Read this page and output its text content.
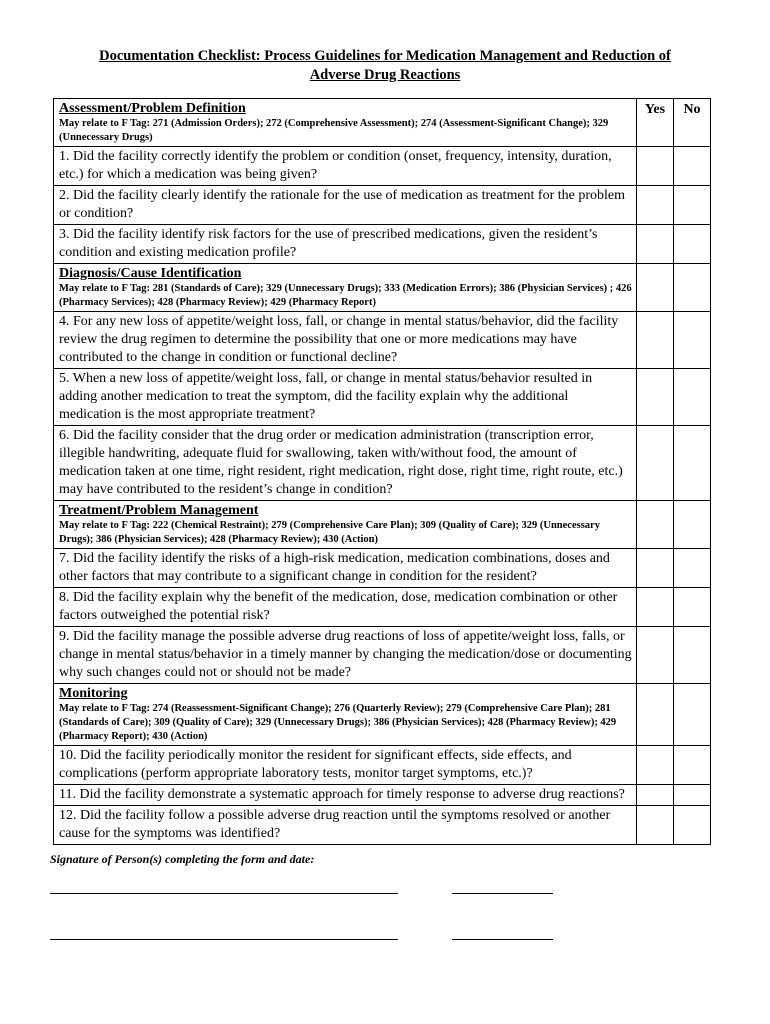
Documentation Checklist: Process Guidelines for Medication Management and Reduction of
Adverse Drug Reactions
Assessment/Problem Definition
May relate to F Tag: 271 (Admission Orders); 272 (Comprehensive Assessment); 274 (Assessment-Significant Change); 329 (Unnecessary Drugs)	Yes	No
1. Did the facility correctly identify the problem or condition (onset, frequency, intensity, duration, etc.) for which a medication was being given?		
2. Did the facility clearly identify the rationale for the use of medication as treatment for the problem or condition?		
3. Did the facility identify risk factors for the use of prescribed medications, given the resident’s condition and existing medication profile?		

Diagnosis/Cause Identification
May relate to F Tag: 281 (Standards of Care); 329 (Unnecessary Drugs); 333 (Medication Errors); 386 (Physician Services) ; 426 (Pharmacy Services); 428 (Pharmacy Review); 429 (Pharmacy Report)		

4. For any new loss of appetite/weight loss, fall, or change in mental status/behavior, did the facility review the drug regimen to determine the possibility that one or more medications may have contributed to the change in condition or functional decline?		
5. When a new loss of appetite/weight loss, fall, or change in mental status/behavior resulted in adding another medication to treat the symptom, did the facility explain why the additional medication is the most appropriate treatment?		
6. Did the facility consider that the drug order or medication administration (transcription error, illegible handwriting, adequate fluid for swallowing, taken with/without food, the amount of medication taken at one time, right resident, right medication, right dose, right time, right route, etc.) may have contributed to the resident’s change in condition?		

Treatment/Problem Management
May relate to F Tag: 222 (Chemical Restraint); 279 (Comprehensive Care Plan); 309 (Quality of Care); 329 (Unnecessary Drugs); 386 (Physician Services); 428 (Pharmacy Review); 430 (Action)		

7. Did the facility identify the risks of a high-risk medication, medication combinations, doses and other factors that may contribute to a significant change in condition for the resident?		
8. Did the facility explain why the benefit of the medication, dose, medication combination or other factors outweighed the potential risk?		
9. Did the facility manage the possible adverse drug reactions of loss of appetite/weight loss, falls, or change in mental status/behavior in a timely manner by changing the medication/dose or documenting why such changes could not or should not be made?		

Monitoring
May relate to F Tag: 274 (Reassessment-Significant Change); 276 (Quarterly Review); 279 (Comprehensive Care Plan); 281 (Standards of Care); 309 (Quality of Care); 329 (Unnecessary Drugs); 386 (Physician Services); 428 (Pharmacy Review); 429 (Pharmacy Report); 430 (Action)		

10. Did the facility periodically monitor the resident for significant effects, side effects, and complications (perform appropriate laboratory tests, monitor target symptoms, etc.)?		
11. Did the facility demonstrate a systematic approach for timely response to adverse drug reactions?		
12. Did the facility follow a possible adverse drug reaction until the symptoms resolved or another cause for the symptoms was identified?		
Signature of Person(s) completing the form and date:
